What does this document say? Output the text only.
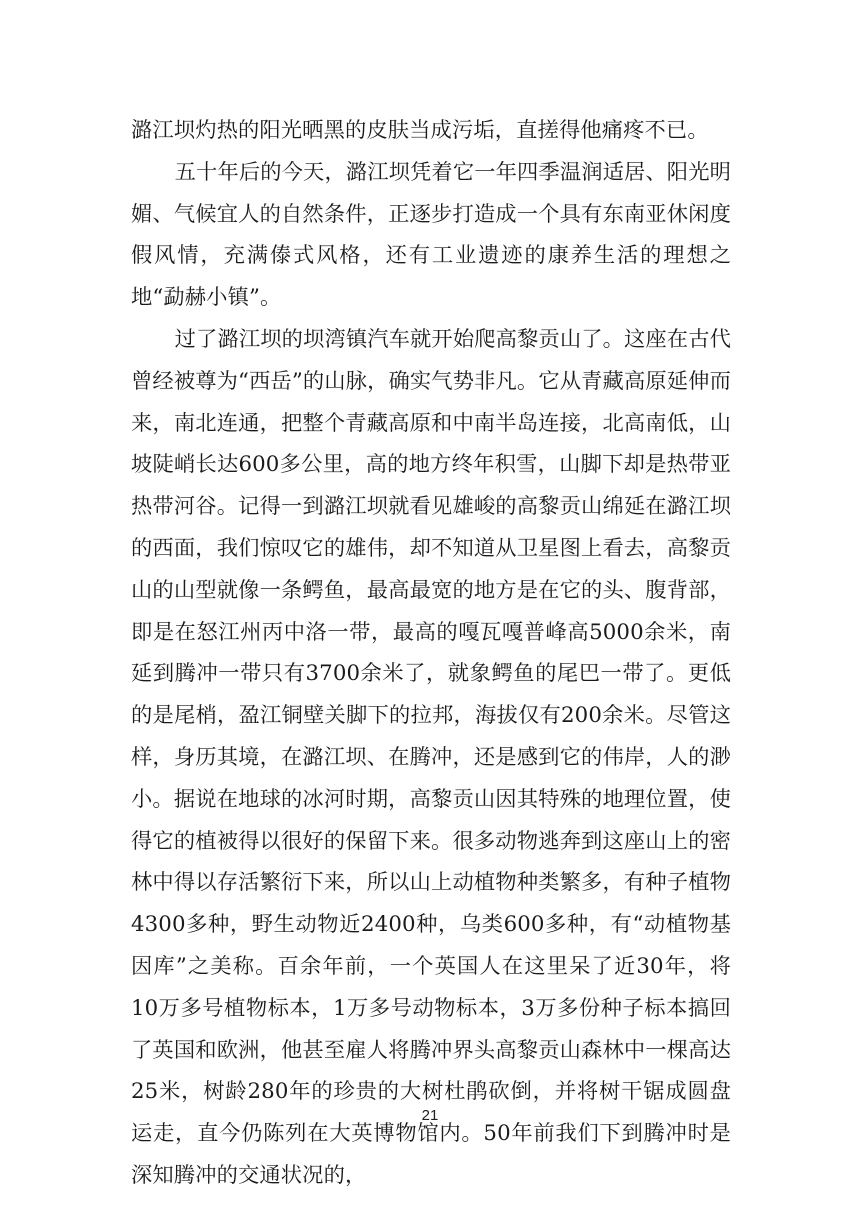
潞江坝灼热的阳光晒黑的皮肤当成污垢，直搓得他痛疼不已。

五十年后的今天，潞江坝凭着它一年四季温润适居、阳光明媚、气候宜人的自然条件，正逐步打造成一个具有东南亚休闲度假风情，充满傣式风格，还有工业遗迹的康养生活的理想之地“勐赫小镇”。

过了潞江坝的坝湾镇汽车就开始爬高黎贡山了。这座在古代曾经被尊为“西岳”的山脉，确实气势非凡。它从青藏高原延伸而来，南北连通，把整个青藏高原和中南半岛连接，北高南低，山坡陡峭长达600多公里，高的地方终年积雪，山脚下却是热带亚热带河谷。记得一到潞江坝就看见雄峻的高黎贡山绵延在潞江坝的西面，我们惊叹它的雄伟，却不知道从卫星图上看去，高黎贡山的山型就像一条鳄鱼，最高最宽的地方是在它的头、腹背部，即是在怒江州丙中洛一带，最高的嘎瓦嘎普峰高5000余米，南延到腾冲一带只有3700余米了，就象鳄鱼的尾巴一带了。更低的是尾梢，盈江铜壁关脚下的拉邦，海拔仅有200余米。尽管这样，身历其境，在潞江坝、在腾冲，还是感到它的伟岸，人的渺小。据说在地球的冰河时期，高黎贡山因其特殊的地理位置，使得它的植被得以很好的保留下来。很多动物逃奔到这座山上的密林中得以存活繁衍下来，所以山上动植物种类繁多，有种子植物4300多种，野生动物近2400种，乌类600多种，有“动植物基因库”之美称。百余年前，一个英国人在这里呆了近30年，将10万多号植物标本，1万多号动物标本，3万多份种子标本搞回了英国和欧洲，他甚至雇人将腾冲界头高黎贡山森林中一棵高达25米，树龄280年的珍贵的大树杜鹃砍倒，并将树干锯成圆盘运走，直今仍陈列在大英博物馆内。50年前我们下到腾冲时是深知腾冲的交通状况的，

21
